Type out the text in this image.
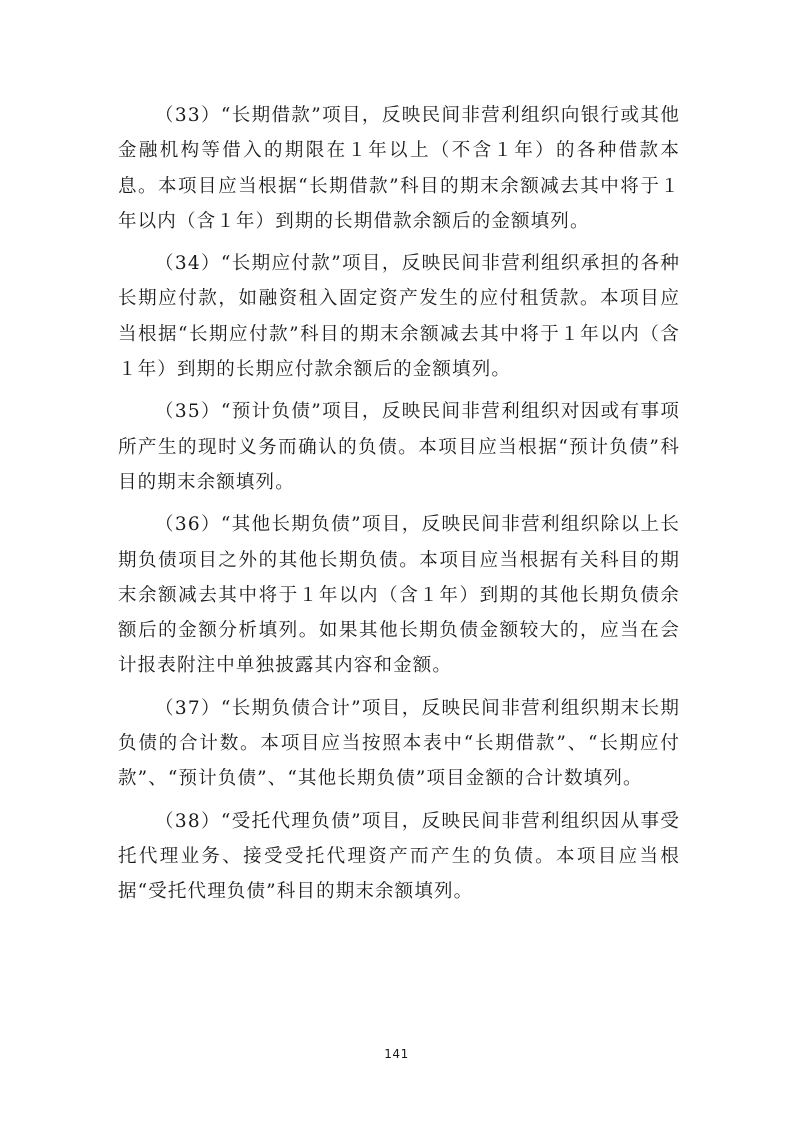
（33）“长期借款”项目，反映民间非营利组织向银行或其他金融机构等借入的期限在１年以上（不含１年）的各种借款本息。本项目应当根据“长期借款”科目的期末余额减去其中将于１年以内（含１年）到期的长期借款余额后的金额填列。

（34）“长期应付款”项目，反映民间非营利组织承担的各种长期应付款，如融资租入固定资产发生的应付租赁款。本项目应当根据“长期应付款”科目的期末余额减去其中将于１年以内（含１年）到期的长期应付款余额后的金额填列。

（35）“预计负债”项目，反映民间非营利组织对因或有事项所产生的现时义务而确认的负债。本项目应当根据“预计负债”科目的期末余额填列。

（36）“其他长期负债”项目，反映民间非营利组织除以上长期负债项目之外的其他长期负债。本项目应当根据有关科目的期末余额减去其中将于１年以内（含１年）到期的其他长期负债余额后的金额分析填列。如果其他长期负债金额较大的，应当在会计报表附注中单独披露其内容和金额。

（37）“长期负债合计”项目，反映民间非营利组织期末长期负债的合计数。本项目应当按照本表中“长期借款”、“长期应付款”、“预计负债”、“其他长期负债”项目金额的合计数填列。

（38）“受托代理负债”项目，反映民间非营利组织因从事受托代理业务、接受受托代理资产而产生的负债。本项目应当根据“受托代理负债”科目的期末余额填列。

141
